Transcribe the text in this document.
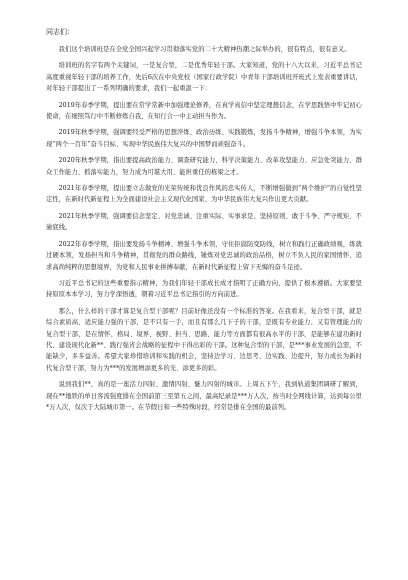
同志们：

我们这个培训班是在全党全国兴起学习贯彻落实党的二十大精神热潮之际举办的，很有特点，很有意义。

培训班的名字有两个关键词，一是复合型，二是优秀年轻干部。大家知道，党的十八大以来，习近平总书记高度重视年轻干部的培养工作，先后6次在中央党校（国家行政学院）中青年干部培训班开班式上发表重要讲话，对年轻干部提出了一系列明确的要求，我们一起重温一下：

2019年春季学期，提出要在常学常新中加强理论修养，在真学真信中坚定理想信念，在学思践悟中牢记初心使命，在细照笃行中不断修炼自我，在知行合一中主动担当作为。

2019年秋季学期，强调要经受严格的思想淬炼、政治历练、实践锻炼，发扬斗争精神，增强斗争本领，为实现“两个一百年”奋斗目标、实现中华民族伟大复兴的中国梦而顽强奋斗。

2020年秋季学期，指出要提高政治能力、调查研究能力、科学决策能力、改革攻坚能力、应急处突能力、群众工作能力、抓落实能力，努力成为可堪大用、能担重任的栋梁之才。

2021年春季学期，提出要立志做党的光荣传统和优良作风的忠实传人，不断增强做到“两个维护”的自觉性坚定性，在新时代新征程上为全面建设社会主义现代化国家、为中华民族伟大复兴作出更大贡献。

2021年秋季学期，强调要信念坚定、对党忠诚、注重实际、实事求是、坚持原则、敢于斗争、严守规矩、不逾底线。

2022年春季学期，指出要发扬斗争精神、增强斗争本领，守住拒腐防变防线，树立和践行正确政绩观，练就过硬本领，发扬担当和斗争精神，贯彻党的群众路线，锤炼对党忠诚的政治品格，树立不负人民的家国情怀，追求高尚纯粹的思想境界，为党和人民事业拼搏奉献，在新时代新征程上留下无悔的奋斗足迹。

习近平总书记的这些重要指示精神，为我们年轻干部成长成才指明了正确方向、提供了根本遵循。大家要坚持原原本本学习，努力学深悟透，朝着习近平总书记指引的方向前进。

那么，什么样的干部才算是复合型干部呢？目前好像还没有一个标准的答案。在我看来，复合型干部，就是综合素质高、适应能力强的干部，是不只有一手，而且有那么几下子的干部，是既有专业能力、又有管理能力的复合型干部，是在情怀、格局、境界、视野、担当、思路、能力等方面都有很高水平的干部，是能够在建功新时代、建设现代化新**、践行强省会战略的征程中干得出彩的干部。这种复合型的干部，是***事业发展的急需，不能缺少，多多益善。希望大家珍惜培训和实践的机会，坚持边学习、边思考、边实践、边提升，努力成长为新时代复合型干部，努力为***的发展增添更多的光、添更多的彩。

说到我们**，真的是一座活力四射、激情四射、魅力四射的城市。上周五下午，我到轨道集团调研了解到，现在**地铁的单日客流强度排在全国前第三至第五之间，最高纪录是***万人次，按当时全网线计算，达到每公里*万人次，仅次于大陆城市第一。在节假日和一些特殊时段，经常是排在全国的最前列。
